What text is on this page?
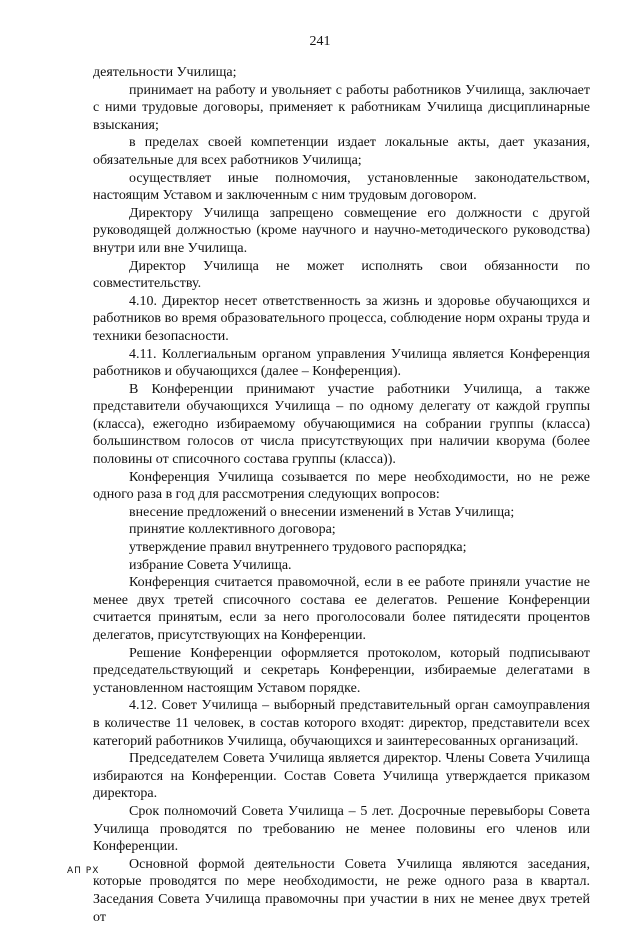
241

деятельности Училища;

принимает на работу и увольняет с работы работников Училища, заключает с ними трудовые договоры, применяет к работникам Училища дисциплинарные взыскания;

в пределах своей компетенции издает локальные акты, дает указания, обязательные для всех работников Училища;

осуществляет иные полномочия, установленные законодательством, настоящим Уставом и заключенным с ним трудовым договором.

Директору Училища запрещено совмещение его должности с другой руководящей должностью (кроме научного и научно-методического руководства) внутри или вне Училища.

Директор Училища не может исполнять свои обязанности по совместительству.

4.10. Директор несет ответственность за жизнь и здоровье обучающихся и работников во время образовательного процесса, соблюдение норм охраны труда и техники безопасности.

4.11. Коллегиальным органом управления Училища является Конференция работников и обучающихся (далее – Конференция).

В Конференции принимают участие работники Училища, а также представители обучающихся Училища – по одному делегату от каждой группы (класса), ежегодно избираемому обучающимися на собрании группы (класса) большинством голосов от числа присутствующих при наличии кворума (более половины от списочного состава группы (класса)).

Конференция Училища созывается по мере необходимости, но не реже одного раза в год для рассмотрения следующих вопросов:

внесение предложений о внесении изменений в Устав Училища;

принятие коллективного договора;

утверждение правил внутреннего трудового распорядка;

избрание Совета Училища.

Конференция считается правомочной, если в ее работе приняли участие не менее двух третей списочного состава ее делегатов. Решение Конференции считается принятым, если за него проголосовали более пятидесяти процентов делегатов, присутствующих на Конференции.

Решение Конференции оформляется протоколом, который подписывают председательствующий и секретарь Конференции, избираемые делегатами в установленном настоящим Уставом порядке.

4.12. Совет Училища – выборный представительный орган самоуправления в количестве 11 человек, в состав которого входят: директор, представители всех категорий работников Училища, обучающихся и заинтересованных организаций.

Председателем Совета Училища является директор. Члены Совета Училища избираются на Конференции. Состав Совета Училища утверждается приказом директора.

Срок полномочий Совета Училища – 5 лет. Досрочные перевыборы Совета Училища проводятся по требованию не менее половины его членов или Конференции.

Основной формой деятельности Совета Училища являются заседания, которые проводятся по мере необходимости, не реже одного раза в квартал. Заседания Совета Училища правомочны при участии в них не менее двух третей от

АП РХ
